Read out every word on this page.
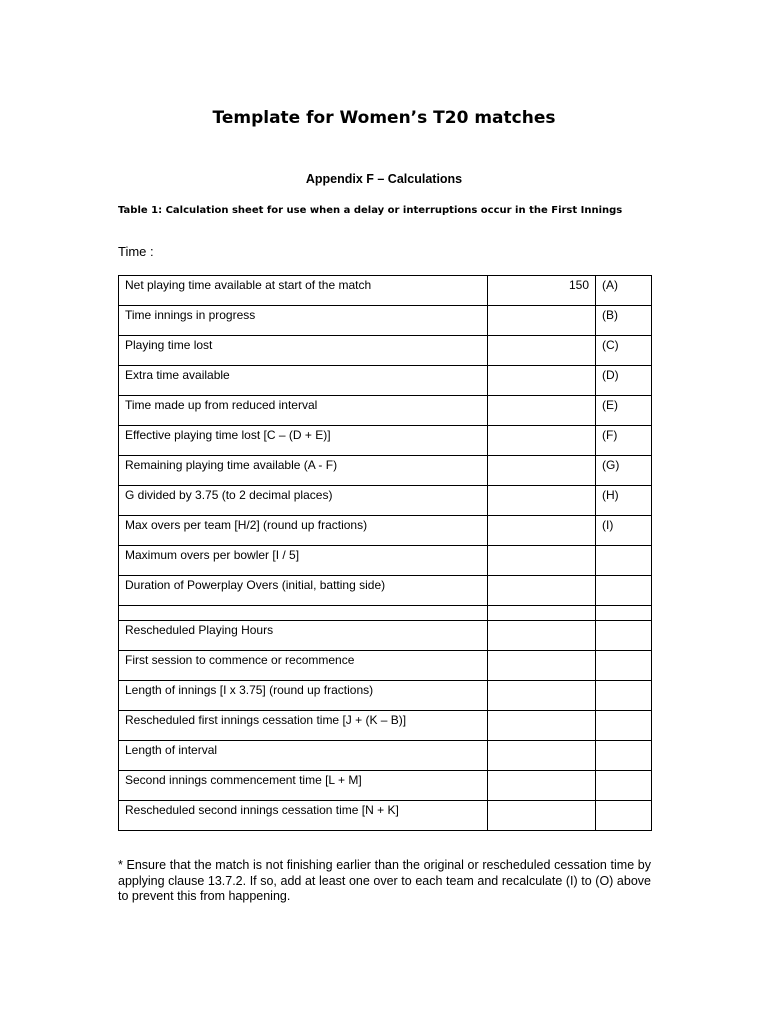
Template for Women’s T20 matches
Appendix F – Calculations

Table 1: Calculation sheet for use when a delay or interruptions occur in the First Innings

Time :

Net playing time available at start of the match	150	(A)
Time innings in progress		(B)
Playing time lost		(C)
Extra time available		(D)
Time made up from reduced interval		(E)
Effective playing time lost [C – (D + E)]		(F)
Remaining playing time available (A - F)		(G)
G divided by 3.75 (to 2 decimal places)		(H)
Max overs per team [H/2] (round up fractions)		(I)
Maximum overs per bowler [I / 5]		
Duration of Powerplay Overs (initial, batting side)		

Rescheduled Playing Hours		
First session to commence or recommence		
Length of innings [I x 3.75] (round up fractions)		
Rescheduled first innings cessation time [J + (K – B)]		
Length of interval		
Second innings commencement time [L + M]		
Rescheduled second innings cessation time [N + K]		

* Ensure that the match is not finishing earlier than the original or rescheduled cessation time by applying clause 13.7.2. If so, add at least one over to each team and recalculate (I) to (O) above to prevent this from happening.
